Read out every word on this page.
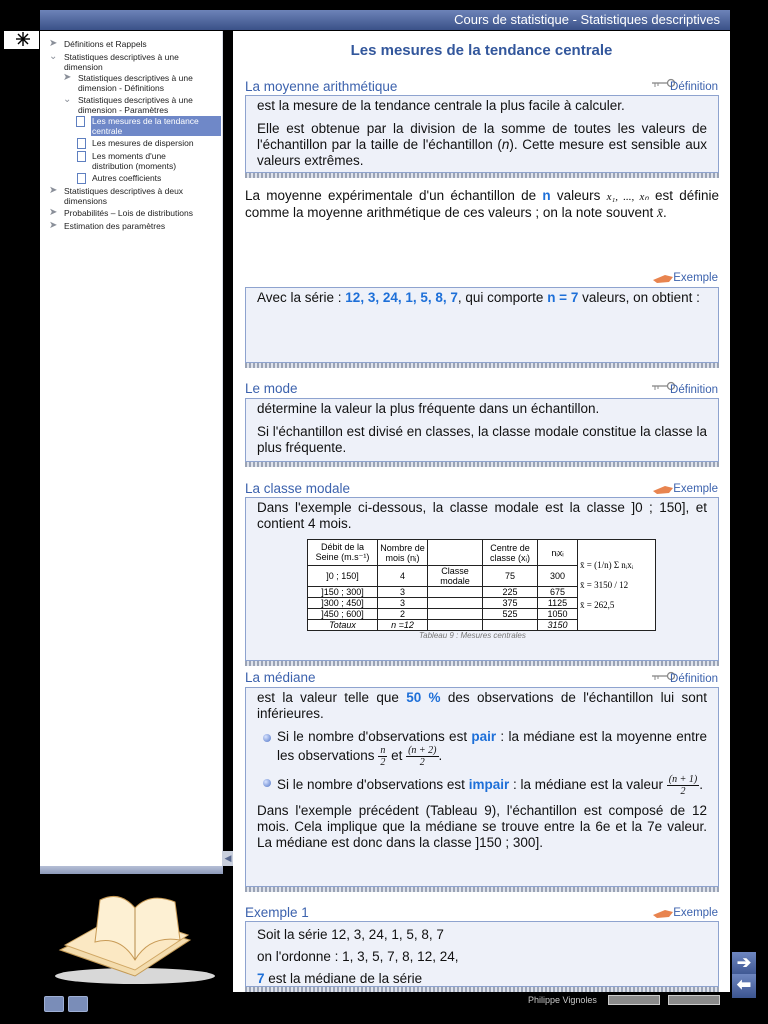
Cours de statistique - Statistiques descriptives
➤ Définitions et Rappels
⌄ Statistiques descriptives à une dimension
➤ Statistiques descriptives à une dimension - Définitions
⌄ Statistiques descriptives à une dimension - Paramètres
Les mesures de la tendance centrale
Les mesures de dispersion
Les moments d'une distribution (moments)
Autres coefficients
➤ Statistiques descriptives à deux dimensions
➤ Probabilités – Lois de distributions
➤ Estimation des paramètres
◀
Philippe Vignoles
➔
⬅
Les mesures de la tendance centrale
La moyenne arithmétique	Définition

est la mesure de la tendance centrale la plus facile à calculer.

Elle est obtenue par la division de la somme de toutes les valeurs de l'échantillon par la taille de l'échantillon (n). Cette mesure est sensible aux valeurs extrêmes.

La moyenne expérimentale d'un échantillon de n valeurs x₁, ..., xₙ est définie comme la moyenne arithmétique de ces valeurs ; on la note souvent x̄.
Exemple

Avec la série : 12, 3, 24, 1, 5, 8, 7, qui comporte n = 7 valeurs, on obtient :

Le mode	Définition

détermine la valeur la plus fréquente dans un échantillon.

Si l'échantillon est divisé en classes, la classe modale constitue la classe la plus fréquente.

La classe modale	Exemple

Dans l'exemple ci-dessous, la classe modale est la classe ]0 ; 150], et contient 4 mois.

Débit de la Seine (m.s⁻¹)	Nombre de mois (nᵢ)		Centre de classe (xᵢ)	nᵢxᵢ	x̄ = (1/n) Σ nᵢxᵢ
x̄ = 3150 / 12
x̄ = 262,5

]0 ; 150]	4	Classe modale	75	300	
]150 ; 300]	3		225	675	
]300 ; 450]	3		375	1125	
]450 ; 600]	2		525	1050	
Totaux	n =12			3150	
Tableau 9 : Mesures centrales
La médiane	Définition

est la valeur telle que 50 % des observations de l'échantillon lui sont inférieures.

Si le nombre d'observations est pair : la médiane est la moyenne entre les observations $\frac{n}{2}$ et $\frac{(n + 2)}{2}$.
Si le nombre d'observations est impair : la médiane est la valeur $\frac{(n + 1)}{2}$.

Dans l'exemple précédent (Tableau 9), l'échantillon est composé de 12 mois. Cela implique que la médiane se trouve entre la 6e et la 7e valeur. La médiane est donc dans la classe ]150 ; 300].

Exemple 1	Exemple
Soit la série 12, 3, 24, 1, 5, 8, 7
on l'ordonne : 1, 3, 5, 7, 8, 12, 24,
7 est la médiane de la série
